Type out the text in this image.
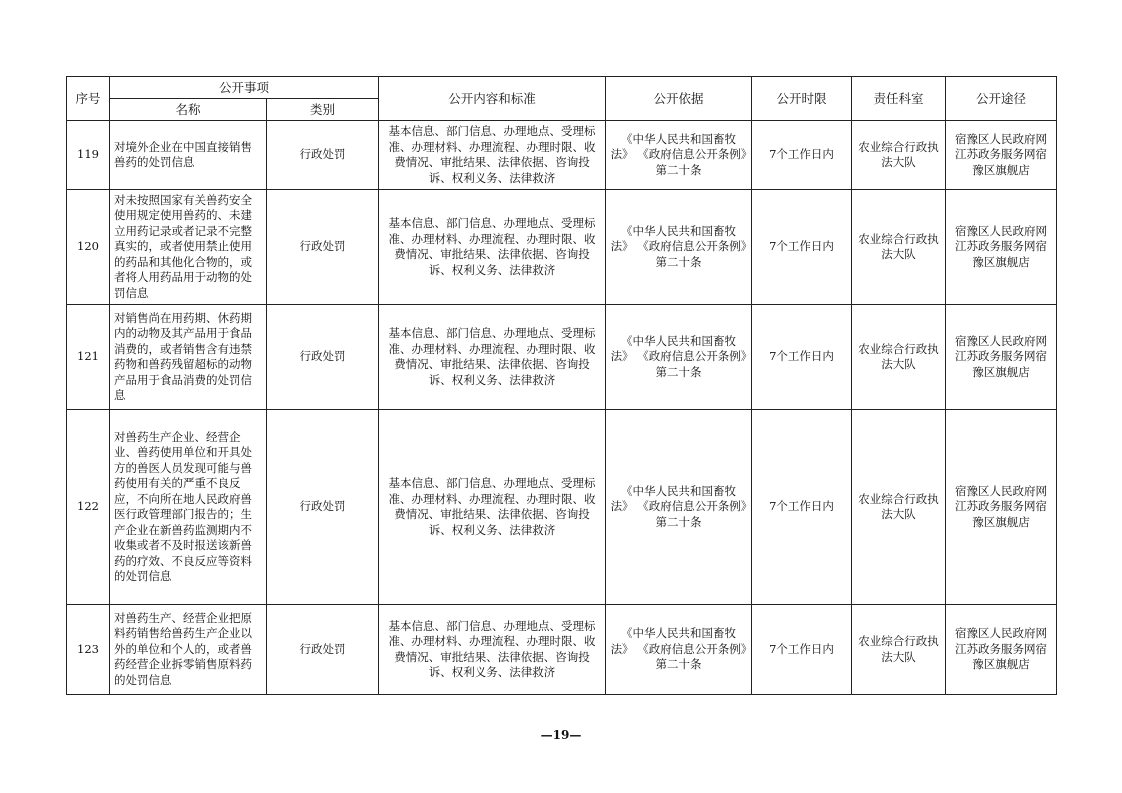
序号	公开事项		公开内容和标准	公开依据	公开时限	责任科室	公开途径
	名称	类别					
119	对境外企业在中国直接销售兽药的处罚信息	行政处罚	基本信息、部门信息、办理地点、受理标准、办理材料、办理流程、办理时限、收费情况、审批结果、法律依据、咨询投诉、权利义务、法律救济	《中华人民共和国畜牧法》 《政府信息公开条例》第二十条	7个工作日内	农业综合行政执法大队	宿豫区人民政府网江苏政务服务网宿豫区旗舰店
120	对未按照国家有关兽药安全使用规定使用兽药的、未建立用药记录或者记录不完整真实的，或者使用禁止使用的药品和其他化合物的，或者将人用药品用于动物的处罚信息	行政处罚	基本信息、部门信息、办理地点、受理标准、办理材料、办理流程、办理时限、收费情况、审批结果、法律依据、咨询投诉、权利义务、法律救济	《中华人民共和国畜牧法》 《政府信息公开条例》第二十条	7个工作日内	农业综合行政执法大队	宿豫区人民政府网江苏政务服务网宿豫区旗舰店
121	对销售尚在用药期、休药期内的动物及其产品用于食品消费的，或者销售含有违禁药物和兽药残留超标的动物产品用于食品消费的处罚信息	行政处罚	基本信息、部门信息、办理地点、受理标准、办理材料、办理流程、办理时限、收费情况、审批结果、法律依据、咨询投诉、权利义务、法律救济	《中华人民共和国畜牧法》 《政府信息公开条例》第二十条	7个工作日内	农业综合行政执法大队	宿豫区人民政府网江苏政务服务网宿豫区旗舰店
122	对兽药生产企业、经营企业、兽药使用单位和开具处方的兽医人员发现可能与兽药使用有关的严重不良反应，不向所在地人民政府兽医行政管理部门报告的；生产企业在新兽药监测期内不收集或者不及时报送该新兽药的疗效、不良反应等资料的处罚信息	行政处罚	基本信息、部门信息、办理地点、受理标准、办理材料、办理流程、办理时限、收费情况、审批结果、法律依据、咨询投诉、权利义务、法律救济	《中华人民共和国畜牧法》 《政府信息公开条例》第二十条	7个工作日内	农业综合行政执法大队	宿豫区人民政府网江苏政务服务网宿豫区旗舰店
123	对兽药生产、经营企业把原料药销售给兽药生产企业以外的单位和个人的，或者兽药经营企业拆零销售原料药的处罚信息	行政处罚	基本信息、部门信息、办理地点、受理标准、办理材料、办理流程、办理时限、收费情况、审批结果、法律依据、咨询投诉、权利义务、法律救济	《中华人民共和国畜牧法》 《政府信息公开条例》第二十条	7个工作日内	农业综合行政执法大队	宿豫区人民政府网江苏政务服务网宿豫区旗舰店
—19—
